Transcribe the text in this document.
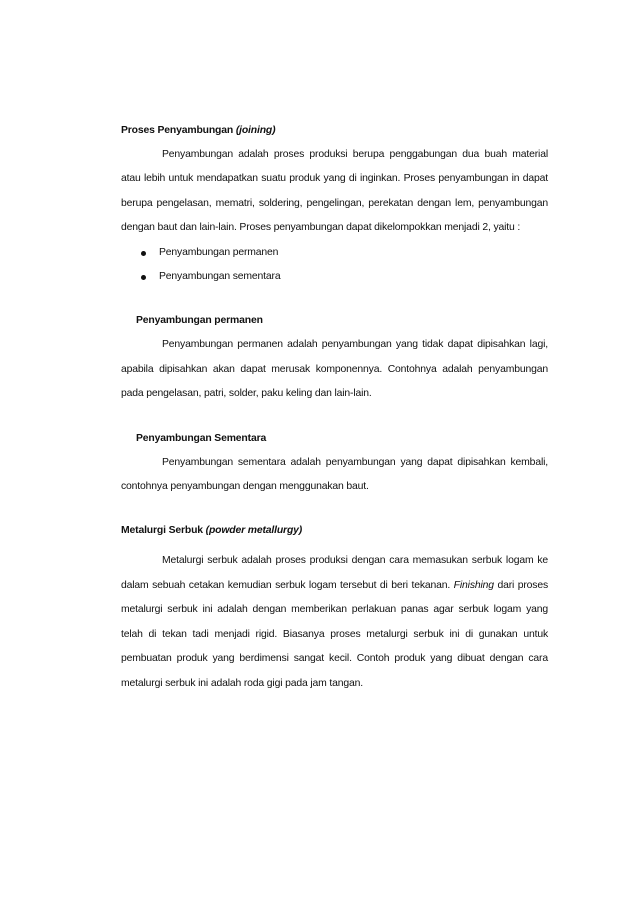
Proses Penyambungan (joining)

Penyambungan adalah proses produksi berupa penggabungan dua buah material atau lebih untuk mendapatkan suatu produk yang di inginkan. Proses penyambungan in dapat berupa pengelasan, mematri, soldering, pengelingan, perekatan dengan lem, penyambungan dengan baut dan lain-lain. Proses penyambungan dapat dikelompokkan menjadi 2, yaitu :

Penyambungan permanen
Penyambungan sementara
Penyambungan permanen

Penyambungan permanen adalah penyambungan yang tidak dapat dipisahkan lagi, apabila dipisahkan akan dapat merusak komponennya. Contohnya adalah penyambungan pada pengelasan, patri, solder, paku keling dan lain-lain.

Penyambungan Sementara

Penyambungan sementara adalah penyambungan yang dapat dipisahkan kembali, contohnya penyambungan dengan menggunakan baut.

Metalurgi Serbuk (powder metallurgy)

Metalurgi serbuk adalah proses produksi dengan cara memasukan serbuk logam ke dalam sebuah cetakan kemudian serbuk logam tersebut di beri tekanan. Finishing dari proses metalurgi serbuk ini adalah dengan memberikan perlakuan panas agar serbuk logam yang telah di tekan tadi menjadi rigid. Biasanya proses metalurgi serbuk ini di gunakan untuk pembuatan produk yang berdimensi sangat kecil. Contoh produk yang dibuat dengan cara metalurgi serbuk ini adalah roda gigi pada jam tangan.
